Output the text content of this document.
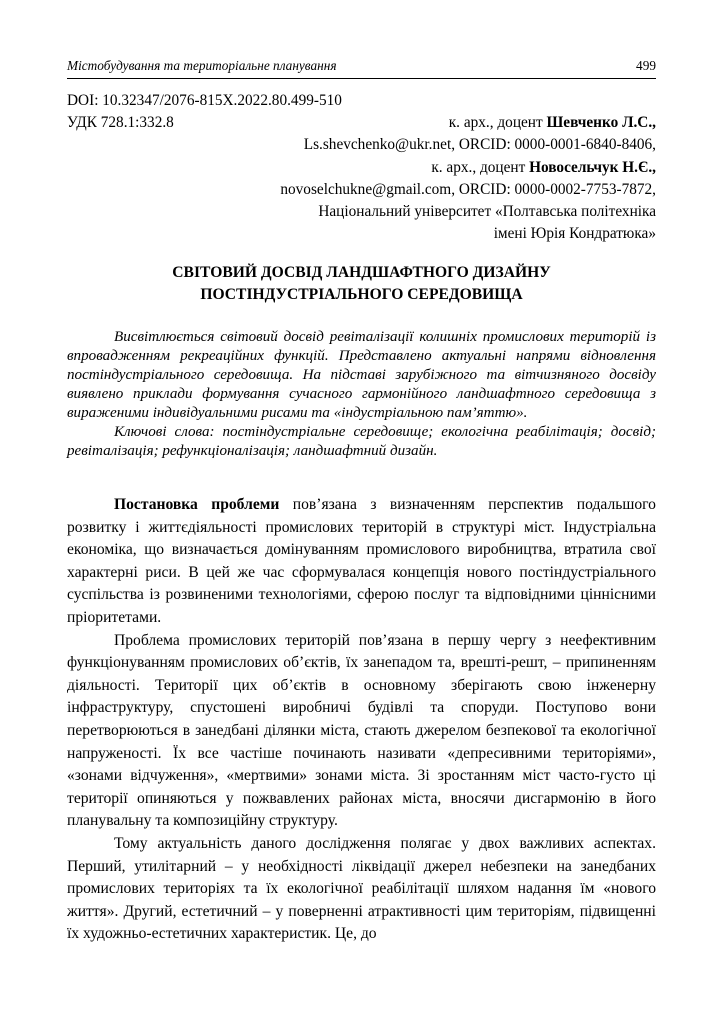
Містобудування та територіальне планування	499
DOI: 10.32347/2076-815X.2022.80.499-510
УДК 728.1:332.8	к. арх., доцент Шевченко Л.С.,
Ls.shevchenko@ukr.net, ORCID: 0000-0001-6840-8406,
к. арх., доцент Новосельчук Н.Є.,
novoselchukne@gmail.com, ORCID: 0000-0002-7753-7872,
Національний університет «Полтавська політехніка
імені Юрія Кондратюка»
СВІТОВИЙ ДОСВІД ЛАНДШАФТНОГО ДИЗАЙНУ
ПОСТІНДУСТРІАЛЬНОГО СЕРЕДОВИЩА

Висвітлюється світовий досвід ревіталізації колишніх промислових територій із впровадженням рекреаційних функцій. Представлено актуальні напрями відновлення постіндустріального середовища. На підставі зарубіжного та вітчизняного досвіду виявлено приклади формування сучасного гармонійного ландшафтного середовища з вираженими індивідуальними рисами та «індустріальною пам’яттю».

Ключові слова: постіндустріальне середовище; екологічна реабілітація; досвід; ревіталізація; рефункціоналізація; ландшафтний дизайн.

Постановка проблеми пов’язана з визначенням перспектив подальшого розвитку і життєдіяльності промислових територій в структурі міст. Індустріальна економіка, що визначається домінуванням промислового виробництва, втратила свої характерні риси. В цей же час сформувалася концепція нового постіндустріального суспільства із розвиненими технологіями, сферою послуг та відповідними ціннісними пріоритетами.

Проблема промислових територій пов’язана в першу чергу з неефективним функціонуванням промислових об’єктів, їх занепадом та, врешті-решт, – припиненням діяльності. Території цих об’єктів в основному зберігають свою інженерну інфраструктуру, спустошені виробничі будівлі та споруди. Поступово вони перетворюються в занедбані ділянки міста, стають джерелом безпекової та екологічної напруженості. Їх все частіше починають називати «депресивними територіями», «зонами відчуження», «мертвими» зонами міста. Зі зростанням міст часто-густо ці території опиняються у пожвавлених районах міста, вносячи дисгармонію в його планувальну та композиційну структуру.

Тому актуальність даного дослідження полягає у двох важливих аспектах. Перший, утилітарний – у необхідності ліквідації джерел небезпеки на занедбаних промислових територіях та їх екологічної реабілітації шляхом надання їм «нового життя». Другий, естетичний – у поверненні атрактивності цим територіям, підвищенні їх художньо-естетичних характеристик. Це, до
